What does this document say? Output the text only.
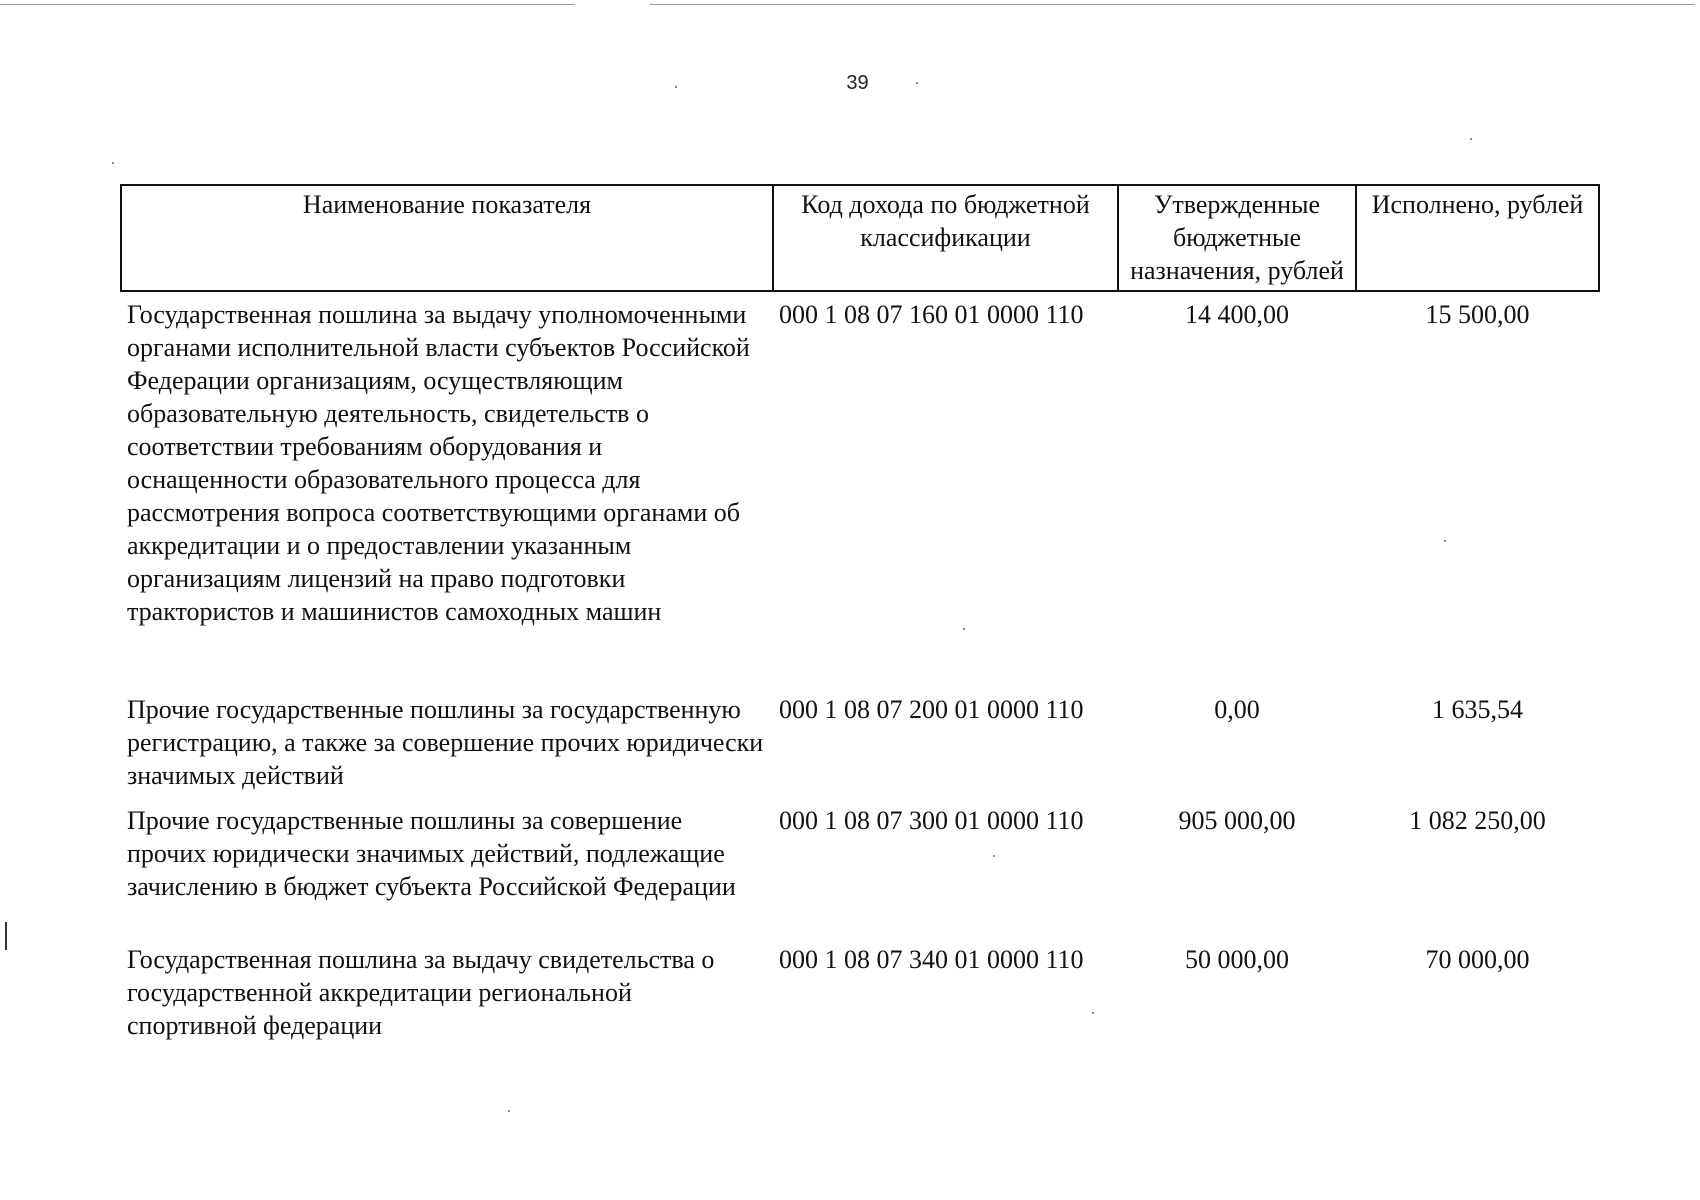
39
Наименование показателя	Код дохода по бюджетной классификации	Утвержденные бюджетные назначения, рублей	Исполнено, рублей
Государственная пошлина за выдачу уполномоченными органами исполнительной власти субъектов Российской Федерации организациям, осуществляющим образовательную деятельность, свидетельств о соответствии требованиям оборудования и оснащенности образовательного процесса для рассмотрения вопроса соответствующими органами об аккредитации и о предоставлении указанным организациям лицензий на право подготовки трактористов и машинистов самоходных машин	000 1 08 07 160 01 0000 110	14 400,00	15 500,00
Прочие государственные пошлины за государственную регистрацию, а также за совершение прочих юридически значимых действий	000 1 08 07 200 01 0000 110	0,00	1 635,54
Прочие государственные пошлины за совершение прочих юридически значимых действий, подлежащие зачислению в бюджет субъекта Российской Федерации	000 1 08 07 300 01 0000 110	905 000,00	1 082 250,00
Государственная пошлина за выдачу свидетельства о государственной аккредитации региональной спортивной федерации	000 1 08 07 340 01 0000 110	50 000,00	70 000,00
